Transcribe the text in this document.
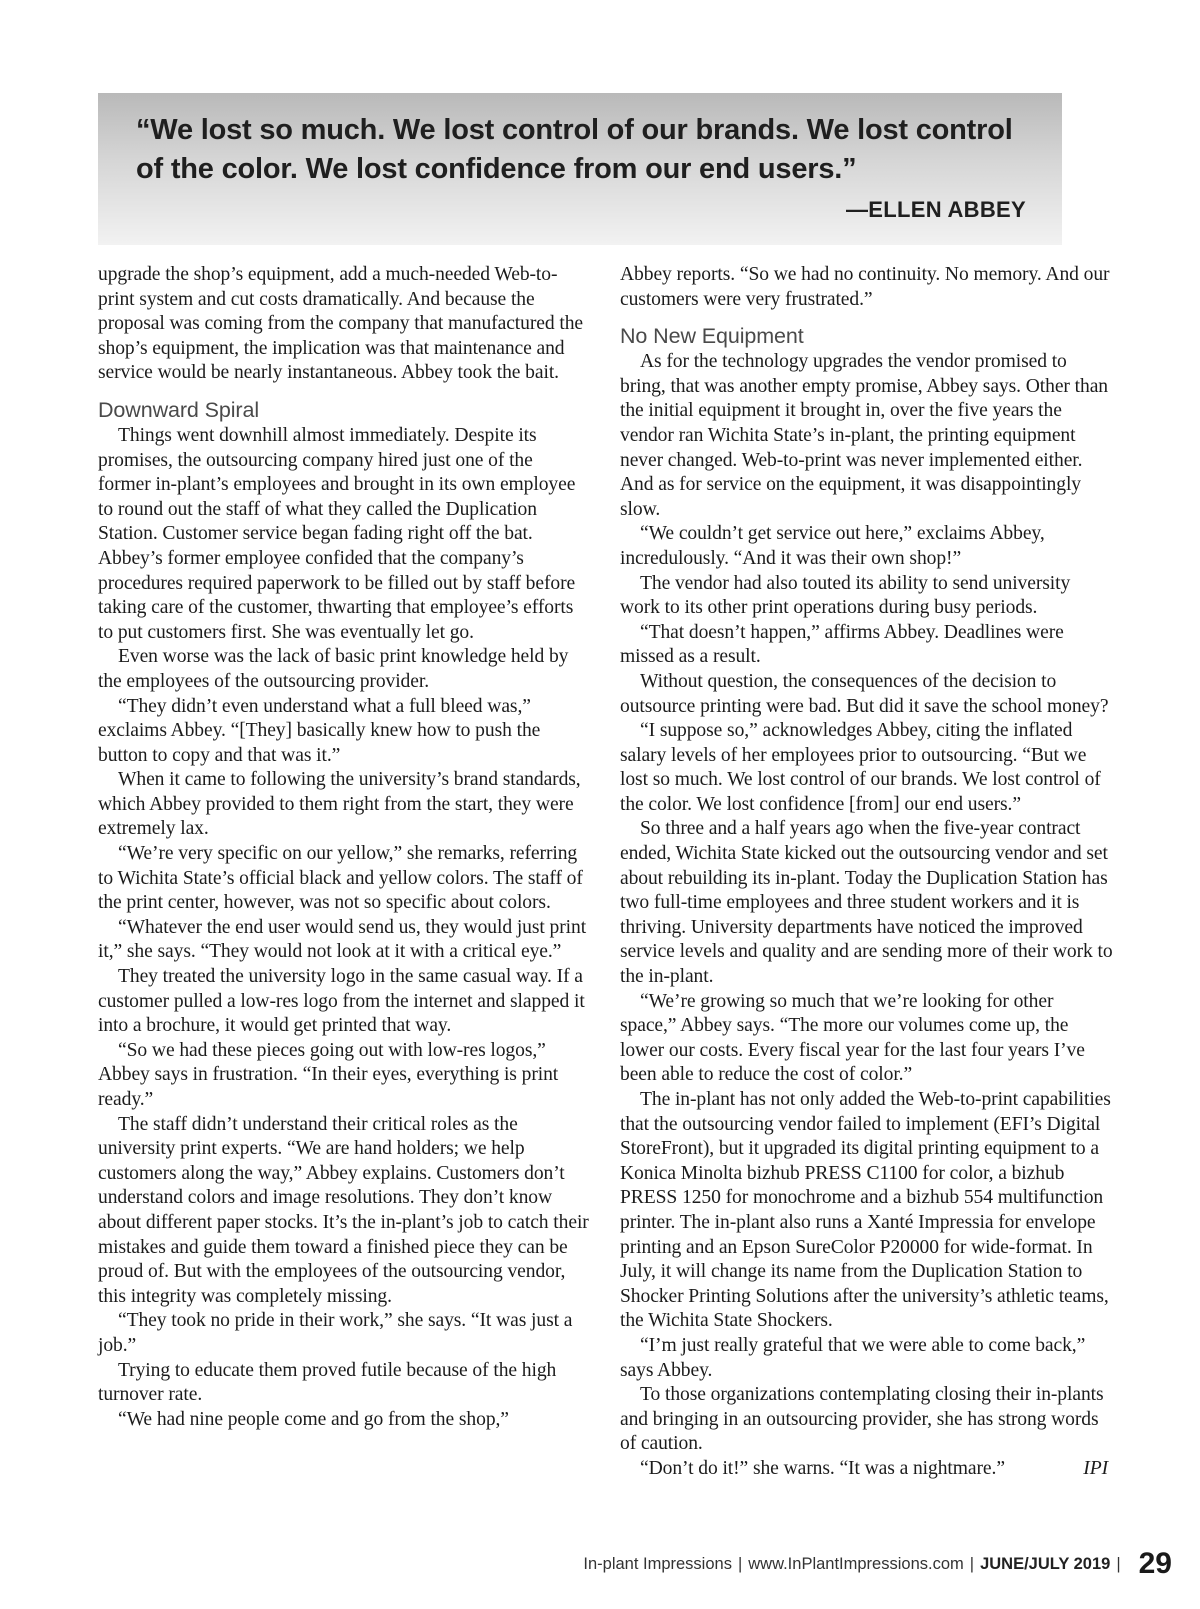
“We lost so much. We lost control of our brands. We lost control of the color. We lost confidence from our end users.”

—ELLEN ABBEY

upgrade the shop’s equipment, add a much-needed Web-to-print system and cut costs dramatically. And because the proposal was coming from the company that manufactured the shop’s equipment, the implication was that maintenance and service would be nearly instantaneous. Abbey took the bait.

Downward Spiral

Things went downhill almost immediately. Despite its promises, the outsourcing company hired just one of the former in-plant’s employees and brought in its own employee to round out the staff of what they called the Duplication Station. Customer service began fading right off the bat. Abbey’s former employee confided that the company’s procedures required paperwork to be filled out by staff before taking care of the customer, thwarting that employee’s efforts to put customers first. She was eventually let go.

Even worse was the lack of basic print knowledge held by the employees of the outsourcing provider.

“They didn’t even understand what a full bleed was,” exclaims Abbey. “[They] basically knew how to push the button to copy and that was it.”

When it came to following the university’s brand standards, which Abbey provided to them right from the start, they were extremely lax.

“We’re very specific on our yellow,” she remarks, referring to Wichita State’s official black and yellow colors. The staff of the print center, however, was not so specific about colors.

“Whatever the end user would send us, they would just print it,” she says. “They would not look at it with a critical eye.”

They treated the university logo in the same casual way. If a customer pulled a low-res logo from the internet and slapped it into a brochure, it would get printed that way.

“So we had these pieces going out with low-res logos,” Abbey says in frustration. “In their eyes, everything is print ready.”

The staff didn’t understand their critical roles as the university print experts. “We are hand holders; we help customers along the way,” Abbey explains. Customers don’t understand colors and image resolutions. They don’t know about different paper stocks. It’s the in-plant’s job to catch their mistakes and guide them toward a finished piece they can be proud of. But with the employees of the outsourcing vendor, this integrity was completely missing.

“They took no pride in their work,” she says. “It was just a job.”

Trying to educate them proved futile because of the high turnover rate.

“We had nine people come and go from the shop,”

Abbey reports. “So we had no continuity. No memory. And our customers were very frustrated.”

No New Equipment

As for the technology upgrades the vendor promised to bring, that was another empty promise, Abbey says. Other than the initial equipment it brought in, over the five years the vendor ran Wichita State’s in-plant, the printing equipment never changed. Web-to-print was never implemented either. And as for service on the equipment, it was disappointingly slow.

“We couldn’t get service out here,” exclaims Abbey, incredulously. “And it was their own shop!”

The vendor had also touted its ability to send university work to its other print operations during busy periods.

“That doesn’t happen,” affirms Abbey. Deadlines were missed as a result.

Without question, the consequences of the decision to outsource printing were bad. But did it save the school money?

“I suppose so,” acknowledges Abbey, citing the inflated salary levels of her employees prior to outsourcing. “But we lost so much. We lost control of our brands. We lost control of the color. We lost confidence [from] our end users.”

So three and a half years ago when the five-year contract ended, Wichita State kicked out the outsourcing vendor and set about rebuilding its in-plant. Today the Duplication Station has two full-time employees and three student workers and it is thriving. University departments have noticed the improved service levels and quality and are sending more of their work to the in-plant.

“We’re growing so much that we’re looking for other space,” Abbey says. “The more our volumes come up, the lower our costs. Every fiscal year for the last four years I’ve been able to reduce the cost of color.”

The in-plant has not only added the Web-to-print capabilities that the outsourcing vendor failed to implement (EFI’s Digital StoreFront), but it upgraded its digital printing equipment to a Konica Minolta bizhub PRESS C1100 for color, a bizhub PRESS 1250 for monochrome and a bizhub 554 multifunction printer. The in-plant also runs a Xanté Impressia for envelope printing and an Epson SureColor P20000 for wide-format. In July, it will change its name from the Duplication Station to Shocker Printing Solutions after the university’s athletic teams, the Wichita State Shockers.

“I’m just really grateful that we were able to come back,” says Abbey.

To those organizations contemplating closing their in-plants and bringing in an outsourcing provider, she has strong words of caution.

“Don’t do it!” she warns. “It was a nightmare.”	IPI

In-plant Impressions | www.InPlantImpressions.com | JUNE/JULY 2019 | 29
